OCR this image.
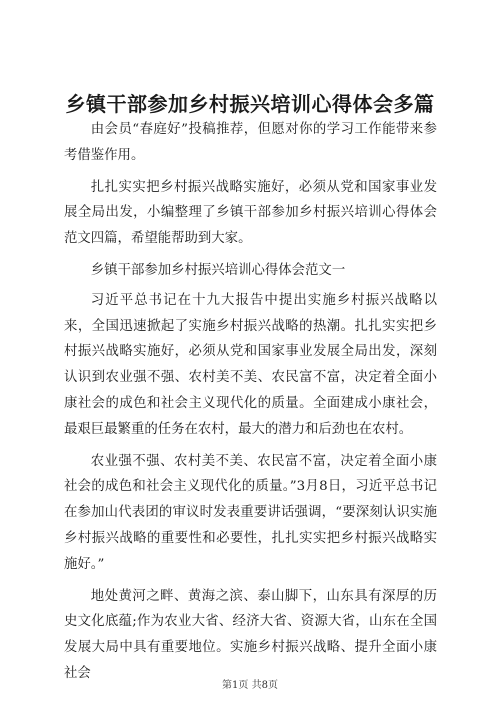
乡镇干部参加乡村振兴培训心得体会多篇

由会员“春庭好”投稿推荐，但愿对你的学习工作能带来参考借鉴作用。

扎扎实实把乡村振兴战略实施好，必须从党和国家事业发展全局出发，小编整理了乡镇干部参加乡村振兴培训心得体会范文四篇，希望能帮助到大家。

乡镇干部参加乡村振兴培训心得体会范文一

习近平总书记在十九大报告中提出实施乡村振兴战略以来，全国迅速掀起了实施乡村振兴战略的热潮。扎扎实实把乡村振兴战略实施好，必须从党和国家事业发展全局出发，深刻认识到农业强不强、农村美不美、农民富不富，决定着全面小康社会的成色和社会主义现代化的质量。全面建成小康社会，最艰巨最繁重的任务在农村，最大的潜力和后劲也在农村。

农业强不强、农村美不美、农民富不富，决定着全面小康社会的成色和社会主义现代化的质量。”3月8日，习近平总书记在参加山代表团的审议时发表重要讲话强调，“要深刻认识实施乡村振兴战略的重要性和必要性，扎扎实实把乡村振兴战略实施好。”

地处黄河之畔、黄海之滨、泰山脚下，山东具有深厚的历史文化底蕴;作为农业大省、经济大省、资源大省，山东在全国发展大局中具有重要地位。实施乡村振兴战略、提升全面小康社会

第1页 共8页
